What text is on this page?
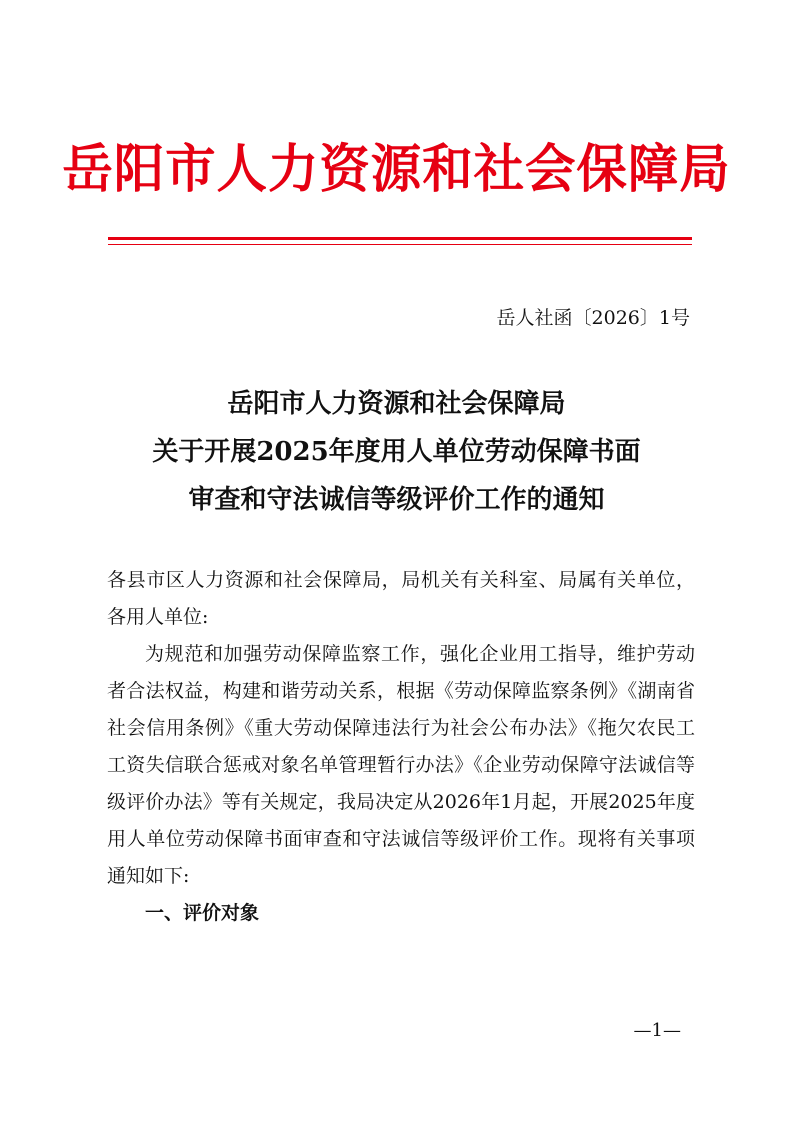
岳阳市人力资源和社会保障局
岳人社函〔2026〕1号
岳阳市人力资源和社会保障局
关于开展2025年度用人单位劳动保障书面
审查和守法诚信等级评价工作的通知

各县市区人力资源和社会保障局，局机关有关科室、局属有关单位，各用人单位:

为规范和加强劳动保障监察工作，强化企业用工指导，维护劳动者合法权益，构建和谐劳动关系，根据《劳动保障监察条例》《湖南省社会信用条例》《重大劳动保障违法行为社会公布办法》《拖欠农民工工资失信联合惩戒对象名单管理暂行办法》《企业劳动保障守法诚信等级评价办法》等有关规定，我局决定从2026年1月起，开展2025年度用人单位劳动保障书面审查和守法诚信等级评价工作。现将有关事项通知如下:

一、评价对象

—1—
